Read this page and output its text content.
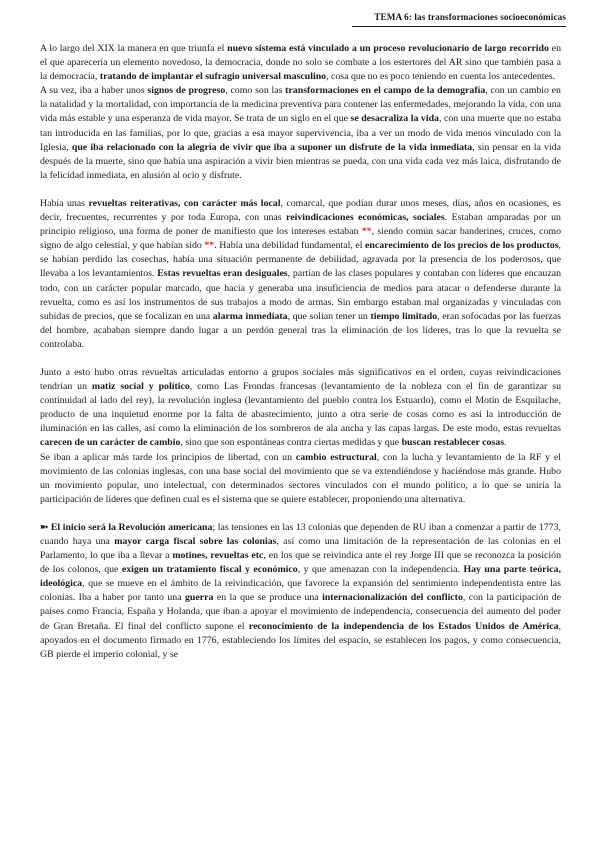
TEMA 6: las transformaciones socioeconómicas

A lo largo del XIX la manera en que triunfa el nuevo sistema está vinculado a un proceso revolucionario de largo recorrido en el que aparecería un elemento novedoso, la democracia, donde no solo se combate a los estertores del AR sino que también pasa a la democracia, tratando de implantar el sufragio universal masculino, cosa que no es poco teniendo en cuenta los antecedentes.

A su vez, iba a haber unos signos de progreso, como son las transformaciones en el campo de la demografía, con un cambio en la natalidad y la mortalidad, con importancia de la medicina preventiva para contener las enfermedades, mejorando la vida, con una vida más estable y una esperanza de vida mayor. Se trata de un siglo en el que se desacraliza la vida, con una muerte que no estaba tan introducida en las familias, por lo que, gracias a esa mayor supervivencia, iba a ver un modo de vida menos vinculado con la Iglesia, que iba relacionado con la alegría de vivir que iba a suponer un disfrute de la vida inmediata, sin pensar en la vida después de la muerte, sino que había una aspiración a vivir bien mientras se pueda, con una vida cada vez más laica, disfrutando de la felicidad inmediata, en alusión al ocio y disfrute.

Había unas revueltas reiterativas, con carácter más local, comarcal, que podían durar unos meses, días, años en ocasiones, es decir, frecuentes, recurrentes y por toda Europa, con unas reivindicaciones económicas, sociales. Estaban amparadas por un principio religioso, una forma de poner de manifiesto que los intereses estaban **, siendo común sacar banderines, cruces, como signo de algo celestial, y que habían sido **. Había una debilidad fundamental, el encarecimiento de los precios de los productos, se habían perdido las cosechas, había una situación permanente de debilidad, agravada por la presencia de los poderosos, que llevaba a los levantamientos. Estas revueltas eran desiguales, partían de las clases populares y contaban con líderes que encauzan todo, con un carácter popular marcado, que hacía y generaba una insuficiencia de medios para atacar o defenderse durante la revuelta, como es así los instrumentos de sus trabajos a modo de armas. Sin embargo estaban mal organizadas y vinculadas con subidas de precios, que se focalizan en una alarma inmediata, que solían tener un tiempo limitado, eran sofocadas por las fuerzas del hombre, acababan siempre dando lugar a un perdón general tras la eliminación de los líderes, tras lo que la revuelta se controlaba.

Junto a esto hubo otras revueltas articuladas entorno a grupos sociales más significativos en el orden, cuyas reivindicaciones tendrían un matiz social y político, como Las Frondas francesas (levantamiento de la nobleza con el fin de garantizar su continuidad al lado del rey), la revolución inglesa (levantamiento del pueblo contra los Estuardo), como el Motín de Esquilache, producto de una inquietud enorme por la falta de abastecimiento, junto a otra serie de cosas como es así la introducción de iluminación en las calles, así como la eliminación de los sombreros de ala ancha y las capas largas. De este modo, estas revueltas carecen de un carácter de cambio, sino que son espontáneas contra ciertas medidas y que buscan restablecer cosas.

Se iban a aplicar más tarde los principios de libertad, con un cambio estructural, con la lucha y levantamiento de la RF y el movimiento de las colonias inglesas, con una base social del movimiento que se va extendiéndose y haciéndose más grande. Hubo un movimiento popular, uno intelectual, con determinados sectores vinculados con el mundo político, a lo que se uniría la participación de líderes que definen cual es el sistema que se quiere establecer, proponiendo una alternativa.

➼ El inicio será la Revolución americana; las tensiones en las 13 colonias que dependen de RU iban a comenzar a partir de 1773, cuando haya una mayor carga fiscal sobre las colonias, así como una limitación de la representación de las colonias en el Parlamento, lo que iba a llevar a motines, revueltas etc, en los que se reivindica ante el rey Jorge III que se reconozca la posición de los colonos, que exigen un tratamiento fiscal y económico, y que amenazan con la independencia. Hay una parte teórica, ideológica, que se mueve en el ámbito de la reivindicación, que favorece la expansión del sentimiento independentista entre las colonias. Iba a haber por tanto una guerra en la que se produce una internacionalización del conflicto, con la participación de países como Francia, España y Holanda, que iban a apoyar el movimiento de independencia, consecuencia del aumento del poder de Gran Bretaña. El final del conflicto supone el reconocimiento de la independencia de los Estados Unidos de América, apoyados en el documento firmado en 1776, estableciendo los límites del espacio, se establecen los pagos, y como consecuencia, GB pierde el imperio colonial, y se
